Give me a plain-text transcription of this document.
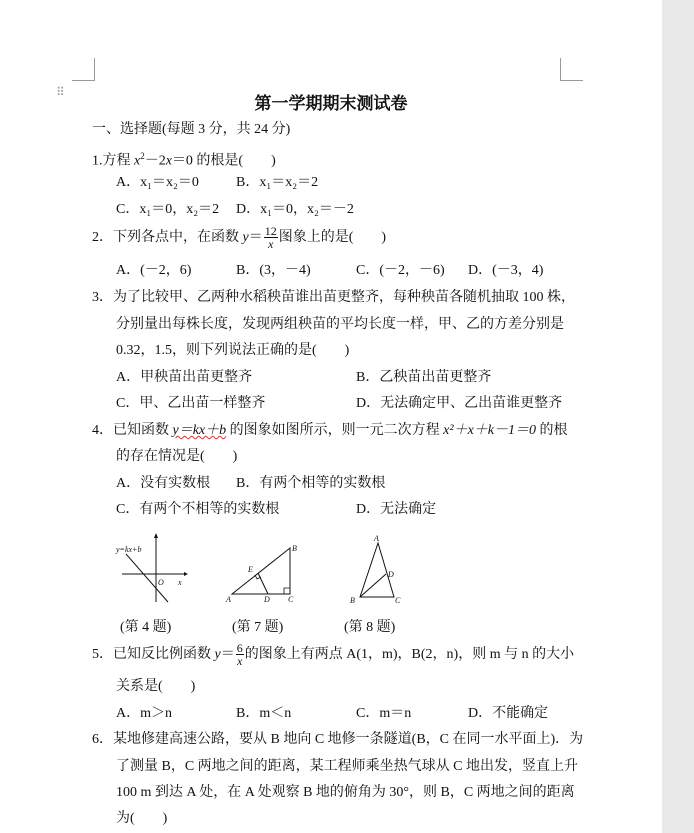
⠿
第一学期期末测试卷
一、选择题(每题 3 分，共 24 分)
1.方程 $x^2-2x=0$ 的根是(　　)
A．x₁＝x₂＝0	B．x₁＝x₂＝2
C．x₁＝0，x₂＝2 D．x₁＝0，x₂＝－2
2．下列各点中，在函数 $y= \frac{12}{x}$ 图象上的是(　　)
A．(－2，6)	B．(3，－4)	C．(－2，－6) D．(－3，4)
3．为了比较甲、乙两种水稻秧苗谁出苗更整齐，每种秧苗各随机抽取 100 株，
分别量出每株长度，发现两组秧苗的平均长度一样，甲、乙的方差分别是
0.32，1.5，则下列说法正确的是(　　)
A．甲秧苗出苗更整齐	B．乙秧苗出苗更整齐
C．甲、乙出苗一样整齐	D．无法确定甲、乙出苗谁更整齐
4．已知函数 y＝kx＋b 的图象如图所示，则一元二次方程 x²＋x＋k－1＝0 的根
的存在情况是(　　)
A．没有实数根 B．有两个相等的实数根
C．有两个不相等的实数根	D．无法确定
y=kx+b
O x
A	D C
B
E
A
D
B	C
(第 4 题)	(第 7 题)	(第 8 题)
5．已知反比例函数 $y= \frac{6}{x}$ 的图象上有两点 A(1，m)，B(2，n)，则 m 与 n 的大小
关系是(　　)
A．m＞n	B．m＜n	C．m＝n	D．不能确定
6．某地修建高速公路，要从 B 地向 C 地修一条隧道(B，C 在同一水平面上)．为
了测量 B，C 两地之间的距离，某工程师乘坐热气球从 C 地出发，竖直上升
100 m 到达 A 处，在 A 处观察 B 地的俯角为 30°，则 B，C 两地之间的距离
为(　　)
